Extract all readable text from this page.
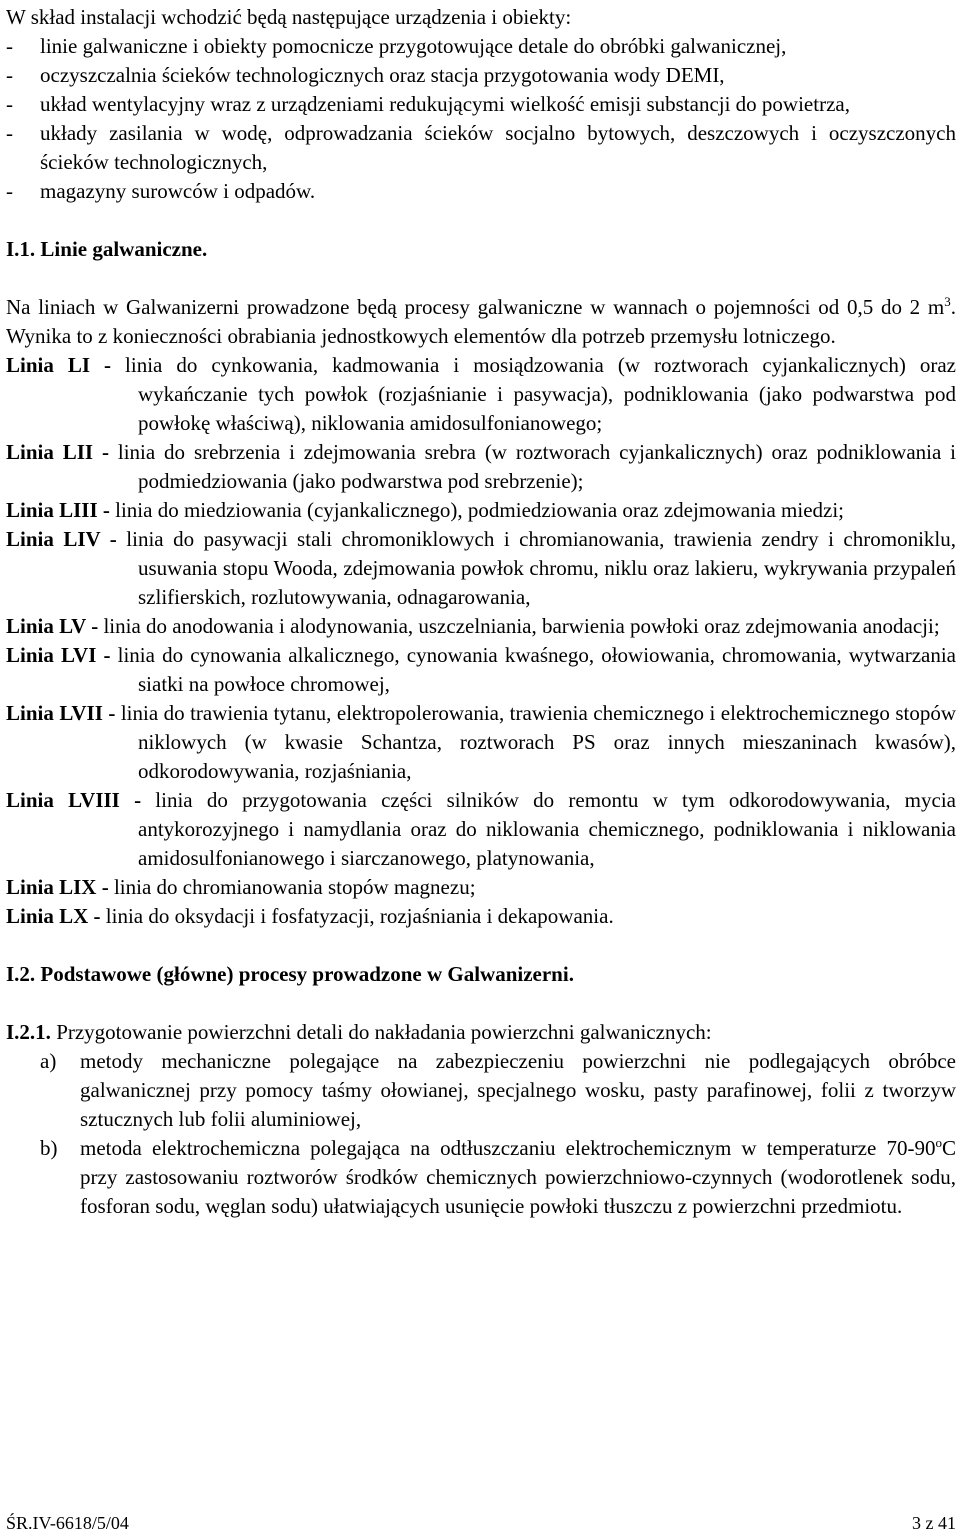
W skład instalacji wchodzić będą następujące urządzenia i obiekty:

-	linie galwaniczne i obiekty pomocnicze przygotowujące detale do obróbki galwanicznej,
-	oczyszczalnia ścieków technologicznych oraz stacja przygotowania wody DEMI,
-	układ wentylacyjny wraz z urządzeniami redukującymi wielkość emisji substancji do powietrza,
-	układy zasilania w wodę, odprowadzania ścieków socjalno bytowych, deszczowych i oczyszczonych ścieków technologicznych,
-	magazyny surowców i odpadów.

I.1. Linie galwaniczne.

Na liniach w Galwanizerni prowadzone będą procesy galwaniczne w wannach o pojemności od 0,5 do 2 $m^3$. Wynika to z konieczności obrabiania jednostkowych elementów dla potrzeb przemysłu lotniczego.

Linia LI - linia do cynkowania, kadmowania i mosiądzowania (w roztworach cyjankalicznych) oraz wykańczanie tych powłok (rozjaśnianie i pasywacja), podniklowania (jako podwarstwa pod powłokę właściwą), niklowania amidosulfonianowego;

Linia LII - linia do srebrzenia i zdejmowania srebra (w roztworach cyjankalicznych) oraz podniklowania i podmiedziowania (jako podwarstwa pod srebrzenie);

Linia LIII - linia do miedziowania (cyjankalicznego), podmiedziowania oraz zdejmowania miedzi;

Linia LIV - linia do pasywacji stali chromoniklowych i chromianowania, trawienia zendry i chromoniklu, usuwania stopu Wooda, zdejmowania powłok chromu, niklu oraz lakieru, wykrywania przypaleń szlifierskich, rozlutowywania, odnagarowania,

Linia LV - linia do anodowania i alodynowania, uszczelniania, barwienia powłoki oraz zdejmowania anodacji;

Linia LVI - linia do cynowania alkalicznego, cynowania kwaśnego, ołowiowania, chromowania, wytwarzania siatki na powłoce chromowej,

Linia LVII - linia do trawienia tytanu, elektropolerowania, trawienia chemicznego i elektrochemicznego stopów niklowych (w kwasie Schantza, roztworach PS oraz innych mieszaninach kwasów), odkorodowywania, rozjaśniania,

Linia LVIII - linia do przygotowania części silników do remontu w tym odkorodowywania, mycia antykorozyjnego i namydlania oraz do niklowania chemicznego, podniklowania i niklowania amidosulfonianowego i siarczanowego, platynowania,

Linia LIX - linia do chromianowania stopów magnezu;

Linia LX - linia do oksydacji i fosfatyzacji, rozjaśniania i dekapowania.

I.2. Podstawowe (główne) procesy prowadzone w Galwanizerni.

I.2.1. Przygotowanie powierzchni detali do nakładania powierzchni galwanicznych:

a)	metody mechaniczne polegające na zabezpieczeniu powierzchni nie podlegających obróbce galwanicznej przy pomocy taśmy ołowianej, specjalnego wosku, pasty parafinowej, folii z tworzyw sztucznych lub folii aluminiowej,
b)	metoda elektrochemiczna polegająca na odtłuszczaniu elektrochemicznym w temperaturze 70-90$^o$C przy zastosowaniu roztworów środków chemicznych powierzchniowo-czynnych (wodorotlenek sodu, fosforan sodu, węglan sodu) ułatwiających usunięcie powłoki tłuszczu z powierzchni przedmiotu.
ŚR.IV-6618/5/04	3 z 41
